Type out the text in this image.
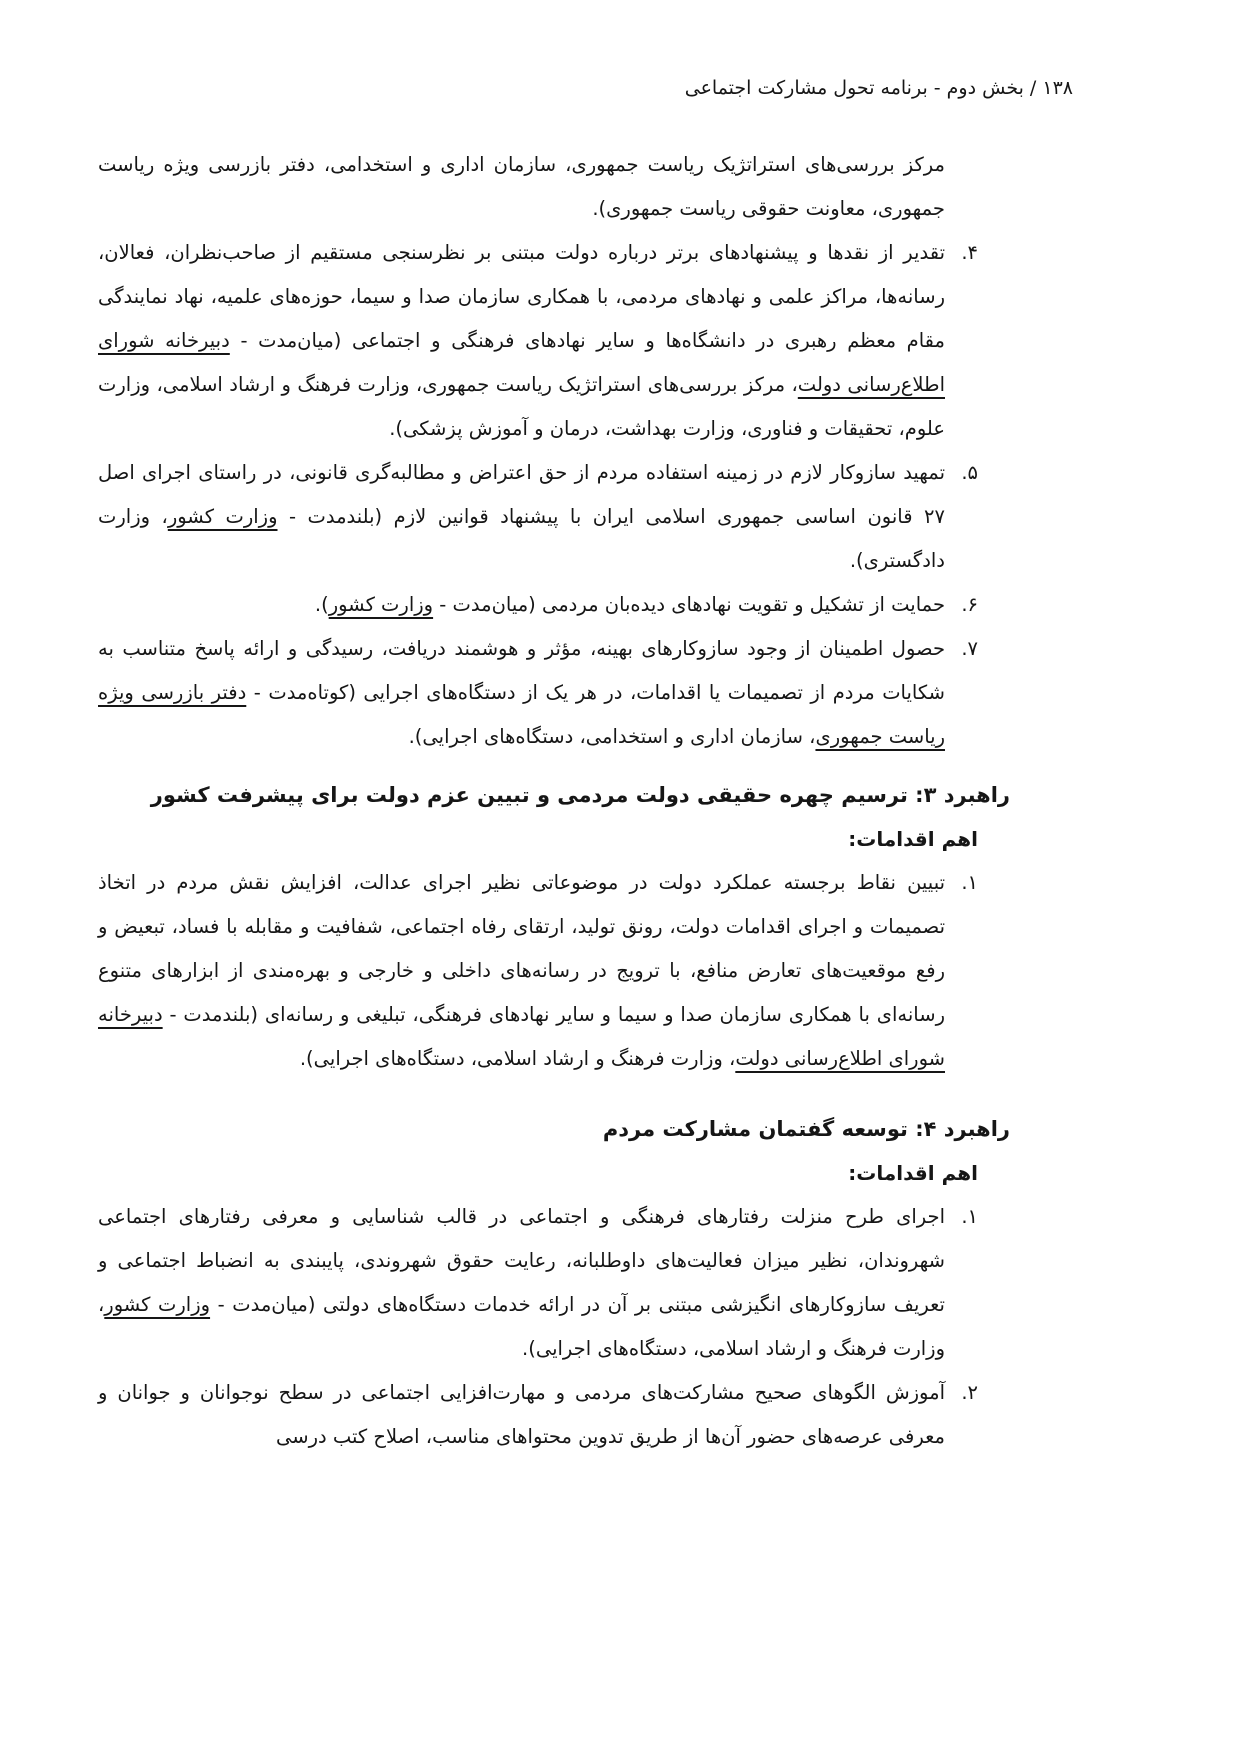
۱۳۸ / بخش دوم - برنامه تحول مشارکت اجتماعی
مرکز بررسی‌های استراتژیک ریاست جمهوری، سازمان اداری و استخدامی، دفتر بازرسی ویژه ریاست جمهوری، معاونت حقوقی ریاست جمهوری).
۴.
تقدیر از نقدها و پیشنهادهای برتر درباره دولت مبتنی بر نظرسنجی مستقیم از صاحب‌نظران، فعالان، رسانه‌ها، مراکز علمی و نهادهای مردمی، با همکاری سازمان صدا و سیما، حوزه‌های علمیه، نهاد نمایندگی مقام معظم رهبری در دانشگاه‌ها و سایر نهادهای فرهنگی و اجتماعی (میان‌مدت - دبیرخانه شورای اطلاع‌رسانی دولت، مرکز بررسی‌های استراتژیک ریاست جمهوری، وزارت فرهنگ و ارشاد اسلامی، وزارت علوم، تحقیقات و فناوری، وزارت بهداشت، درمان و آموزش پزشکی).
۵.
تمهید سازوکار لازم در زمینه استفاده مردم از حق اعتراض و مطالبه‌گری قانونی، در راستای اجرای اصل ۲۷ قانون اساسی جمهوری اسلامی ایران با پیشنهاد قوانین لازم (بلندمدت - وزارت کشور، وزارت دادگستری).
۶.
حمایت از تشکیل و تقویت نهادهای دیده‌بان مردمی (میان‌مدت - وزارت کشور).
۷.
حصول اطمینان از وجود سازوکارهای بهینه، مؤثر و هوشمند دریافت، رسیدگی و ارائه پاسخ متناسب به شکایات مردم از تصمیمات یا اقدامات، در هر یک از دستگاه‌های اجرایی (کوتاه‌مدت - دفتر بازرسی ویژه ریاست جمهوری، سازمان اداری و استخدامی، دستگاه‌های اجرایی).
راهبرد ۳: ترسیم چهره حقیقی دولت مردمی و تبیین عزم دولت برای پیشرفت کشور
اهم اقدامات:
۱.
تبیین نقاط برجسته عملکرد دولت در موضوعاتی نظیر اجرای عدالت، افزایش نقش مردم در اتخاذ تصمیمات و اجرای اقدامات دولت، رونق تولید، ارتقای رفاه اجتماعی، شفافیت و مقابله با فساد، تبعیض و رفع موقعیت‌های تعارض منافع، با ترویج در رسانه‌های داخلی و خارجی و بهره‌مندی از ابزارهای متنوع رسانه‌ای با همکاری سازمان صدا و سیما و سایر نهادهای فرهنگی، تبلیغی و رسانه‌ای (بلندمدت - دبیرخانه شورای اطلاع‌رسانی دولت، وزارت فرهنگ و ارشاد اسلامی، دستگاه‌های اجرایی).
راهبرد ۴: توسعه گفتمان مشارکت مردم
اهم اقدامات:
۱.
اجرای طرح منزلت رفتارهای فرهنگی و اجتماعی در قالب شناسایی و معرفی رفتارهای اجتماعی شهروندان، نظیر میزان فعالیت‌های داوطلبانه، رعایت حقوق شهروندی، پایبندی به انضباط اجتماعی و تعریف سازوکارهای انگیزشی مبتنی بر آن در ارائه خدمات دستگاه‌های دولتی (میان‌مدت - وزارت کشور، وزارت فرهنگ و ارشاد اسلامی، دستگاه‌های اجرایی).
۲.
آموزش الگوهای صحیح مشارکت‌های مردمی و مهارت‌افزایی اجتماعی در سطح نوجوانان و جوانان و معرفی عرصه‌های حضور آن‌ها از طریق تدوین محتواهای مناسب، اصلاح کتب درسی
